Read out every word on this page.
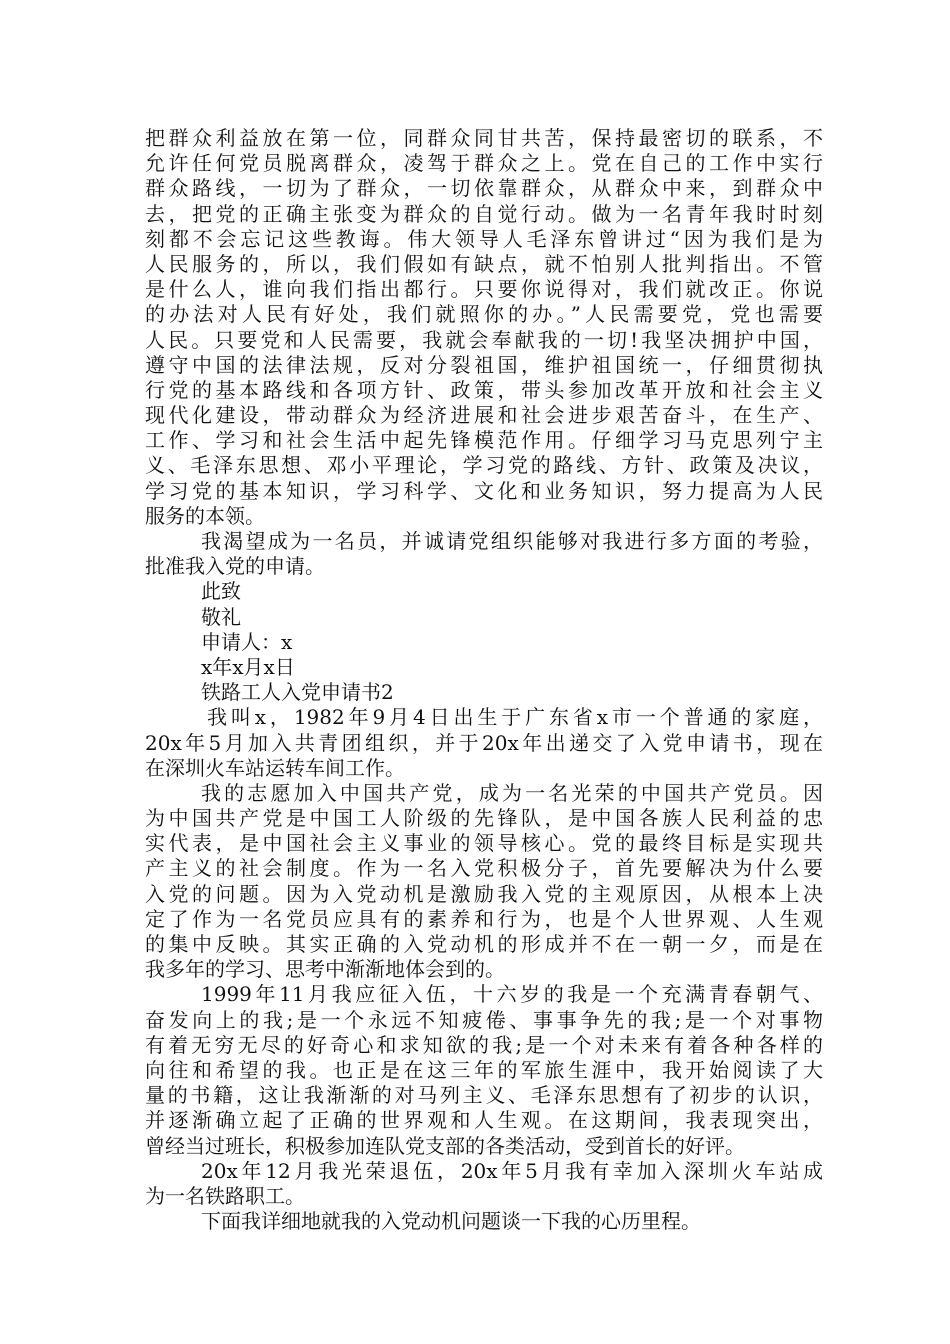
把群众利益放在第一位，同群众同甘共苦，保持最密切的联系，不
允许任何党员脱离群众，凌驾于群众之上。党在自己的工作中实行
群众路线，一切为了群众，一切依靠群众，从群众中来，到群众中
去，把党的正确主张变为群众的自觉行动。做为一名青年我时时刻
刻都不会忘记这些教诲。伟大领导人毛泽东曾讲过“因为我们是为
人民服务的，所以，我们假如有缺点，就不怕别人批判指出。不管
是什么人，谁向我们指出都行。只要你说得对，我们就改正。你说
的办法对人民有好处，我们就照你的办。”人民需要党，党也需要
人民。只要党和人民需要，我就会奉献我的一切!我坚决拥护中国，
遵守中国的法律法规，反对分裂祖国，维护祖国统一，仔细贯彻执
行党的基本路线和各项方针、政策，带头参加改革开放和社会主义
现代化建设，带动群众为经济进展和社会进步艰苦奋斗，在生产、
工作、学习和社会生活中起先锋模范作用。仔细学习马克思列宁主
义、毛泽东思想、邓小平理论，学习党的路线、方针、政策及决议，
学习党的基本知识，学习科学、文化和业务知识，努力提高为人民
服务的本领。
我渴望成为一名员，并诚请党组织能够对我进行多方面的考验，
批准我入党的申请。
此致
敬礼
申请人：x
x年x月x日
铁路工人入党申请书2
我叫x，1982年9月4日出生于广东省x市一个普通的家庭，
20x年5月加入共青团组织，并于20x年出递交了入党申请书，现在
在深圳火车站运转车间工作。
我的志愿加入中国共产党，成为一名光荣的中国共产党员。因
为中国共产党是中国工人阶级的先锋队，是中国各族人民利益的忠
实代表，是中国社会主义事业的领导核心。党的最终目标是实现共
产主义的社会制度。作为一名入党积极分子，首先要解决为什么要
入党的问题。因为入党动机是激励我入党的主观原因，从根本上决
定了作为一名党员应具有的素养和行为，也是个人世界观、人生观
的集中反映。其实正确的入党动机的形成并不在一朝一夕，而是在
我多年的学习、思考中渐渐地体会到的。
1999年11月我应征入伍，十六岁的我是一个充满青春朝气、
奋发向上的我;是一个永远不知疲倦、事事争先的我;是一个对事物
有着无穷无尽的好奇心和求知欲的我;是一个对未来有着各种各样的
向往和希望的我。也正是在这三年的军旅生涯中，我开始阅读了大
量的书籍，这让我渐渐的对马列主义、毛泽东思想有了初步的认识，
并逐渐确立起了正确的世界观和人生观。在这期间，我表现突出，
曾经当过班长，积极参加连队党支部的各类活动，受到首长的好评。
20x年12月我光荣退伍，20x年5月我有幸加入深圳火车站成
为一名铁路职工。
下面我详细地就我的入党动机问题谈一下我的心历里程。
